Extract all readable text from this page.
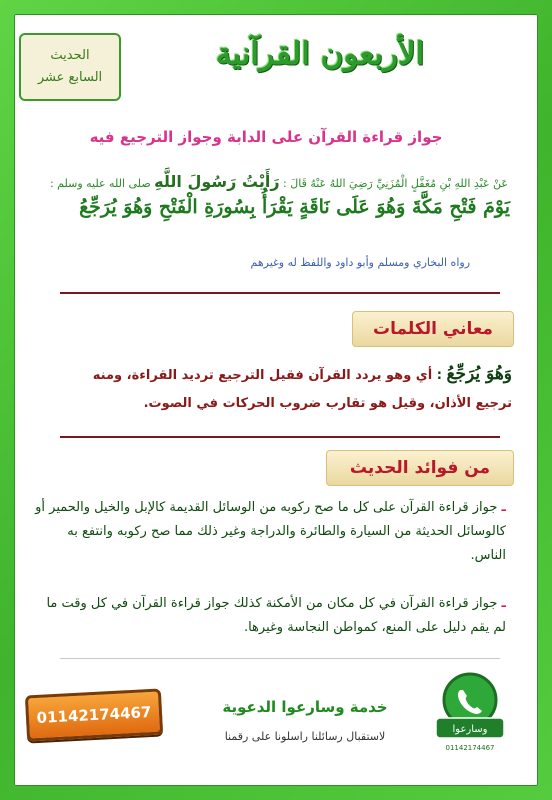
الحديث
السابع عشر
الأربعون القرآنية
جواز قراءة القرآن على الدابة وجواز الترجيع فيه
عَنْ عَبْدِ اللهِ بْنِ مُغَفَّلٍ الْمُزَنِيِّ رَضِيَ اللهُ عَنْهُ قَالَ : رَأَيْتُ رَسُولَ اللَّهِ صلى الله عليه وسلم :
يَوْمَ فَتْحِ مَكَّةَ وَهُوَ عَلَى نَاقَةٍ يَقْرَأُ بِسُورَةِ الْفَتْحِ وَهُوَ يُرَجِّعُ
رواه البخاري ومسلم وأبو داود واللفظ له وغيرهم
معاني الكلمات
وَهُوَ يُرَجِّعُ : أي وهو يردد القرآن فقيل الترجيع ترديد القراءة، ومنه ترجيع الأذان، وقيل هو تقارب ضروب الحركات في الصوت.
من فوائد الحديث
ـ جواز قراءة القرآن على كل ما صح ركوبه من الوسائل القديمة كالإبل والخيل والحمير أو كالوسائل الحديثة من السيارة والطائرة والدراجة وغير ذلك مما صح ركوبه وانتفع به الناس.
ـ جواز قراءة القرآن في كل مكان من الأمكنة كذلك جواز قراءة القرآن في كل وقت ما لم يقم دليل على المنع، كمواطن النجاسة وغيرها.
01142174467	خدمة وسارعوا الدعوية
لاستقبال رسائلنا راسلونا على رقمنا
وسارعوا
01142174467
